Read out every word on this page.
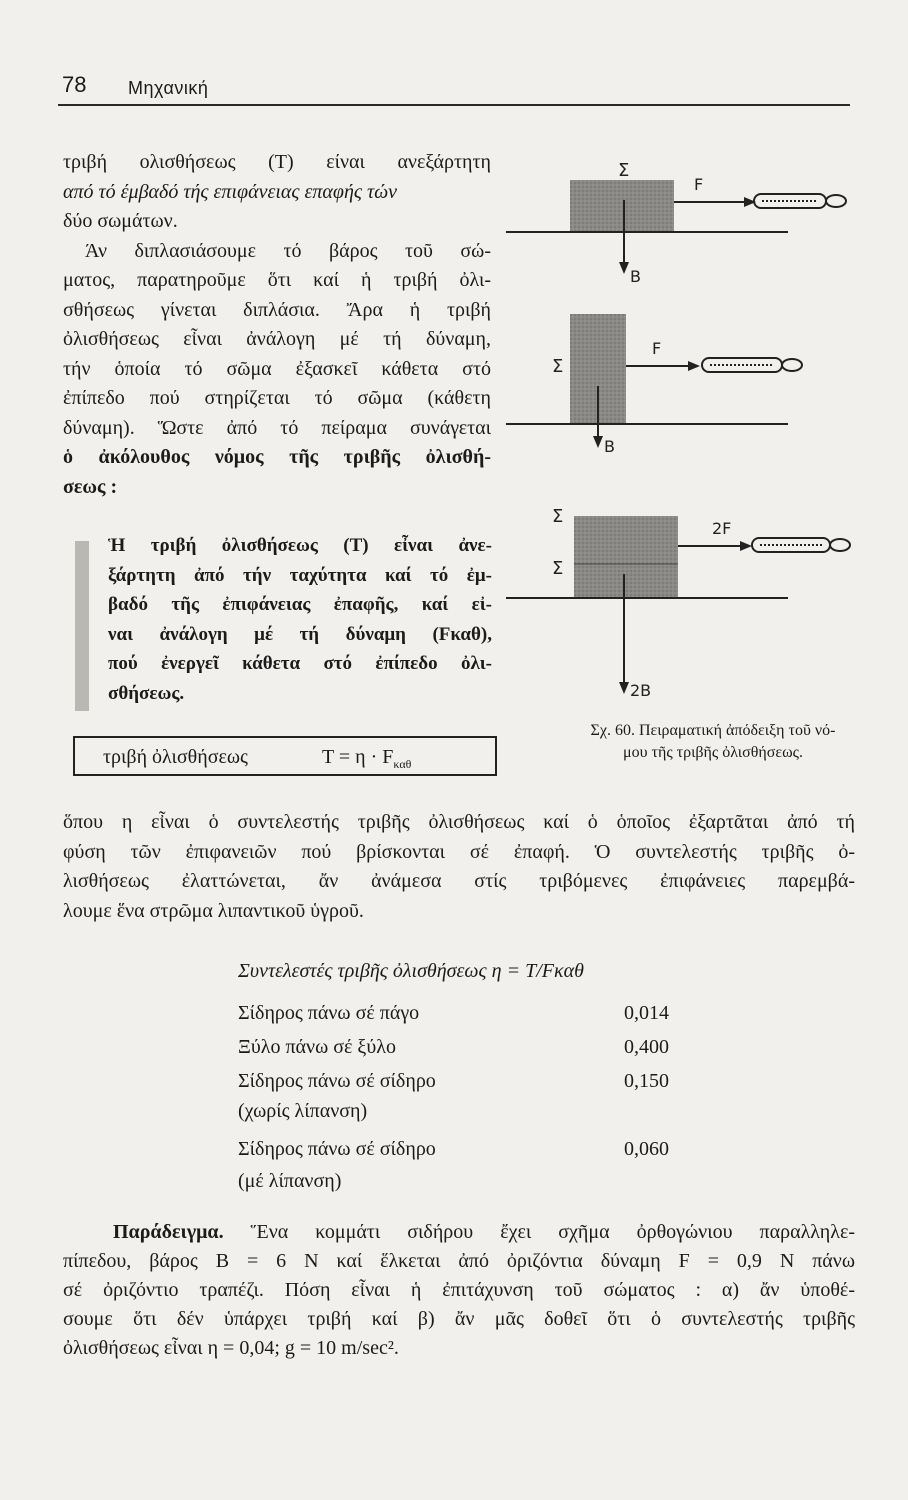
78 Μηχανική
τριβή ολισθήσεως (Τ) είναι ανεξάρτητη
από τό έμβαδό τής επιφάνειας επαφής τών
δύο σωμάτων.
Άν διπλασιάσουμε τό βάρος τοῦ σώ-
ματος, παρατηροῦμε ὅτι καί ἡ τριβή ὀλι-
σθήσεως γίνεται διπλάσια. Ἄρα ἡ τριβή
ὀλισθήσεως εἶναι ἀνάλογη μέ τή δύναμη,
τήν ὁποία τό σῶμα ἐξασκεῖ κάθετα στό
ἐπίπεδο πού στηρίζεται τό σῶμα (κάθετη
δύναμη). Ὥστε ἀπό τό πείραμα συνάγεται
ὁ ἀκόλουθος νόμος τῆς τριβῆς ὀλισθή-
σεως :
Ἡ τριβή ὀλισθήσεως (Τ) εἶναι ἀνε-
ξάρτητη ἀπό τήν ταχύτητα καί τό ἐμ-
βαδό τῆς ἐπιφάνειας ἐπαφῆς, καί εἰ-
ναι ἀνάλογη μέ τή δύναμη (Fκαθ),
πού ἐνεργεῖ κάθετα στό ἐπίπεδο ὀλι-
σθήσεως.
τριβή ὀλισθήσεως	$T = \eta \cdot F_{\kappa\alpha\theta}$
Σ
F
B
Σ
F
B
Σ
Σ
2F
2B
Σχ. 60. Πειραματική ἀπόδειξη τοῦ νό-
μου τῆς τριβῆς ὀλισθήσεως.
ὅπου η εἶναι ὁ συντελεστής τριβῆς ὀλισθήσεως καί ὁ ὁποῖος ἐξαρτᾶται ἀπό τή
φύση τῶν ἐπιφανειῶν πού βρίσκονται σέ ἐπαφή. Ὁ συντελεστής τριβῆς ὀ-
λισθήσεως ἐλαττώνεται, ἄν ἀνάμεσα στίς τριβόμενες ἐπιφάνειες παρεμβά-
λουμε ἕνα στρῶμα λιπαντικοῦ ὑγροῦ.
Συντελεστές τριβῆς ὀλισθήσεως η = Τ/Fκαθ
Σίδηρος πάνω σέ πάγο	0,014
Ξύλο πάνω σέ ξύλο	0,400
Σίδηρος πάνω σέ σίδηρο	0,150
(χωρίς λίπανση)
Σίδηρος πάνω σέ σίδηρο	0,060
(μέ λίπανση)
Παράδειγμα. Ἕνα κομμάτι σιδήρου ἔχει σχῆμα ὀρθογώνιου παραλληλε-
πίπεδου, βάρος B = 6 N καί ἕλκεται ἀπό ὀριζόντια δύναμη F = 0,9 N πάνω
σέ ὀριζόντιο τραπέζι. Πόση εἶναι ἡ ἐπιτάχυνση τοῦ σώματος : α) ἄν ὑποθέ-
σουμε ὅτι δέν ὑπάρχει τριβή καί β) ἄν μᾶς δοθεῖ ὅτι ὁ συντελεστής τριβῆς
ὀλισθήσεως εἶναι η = 0,04; g = 10 m/sec².
